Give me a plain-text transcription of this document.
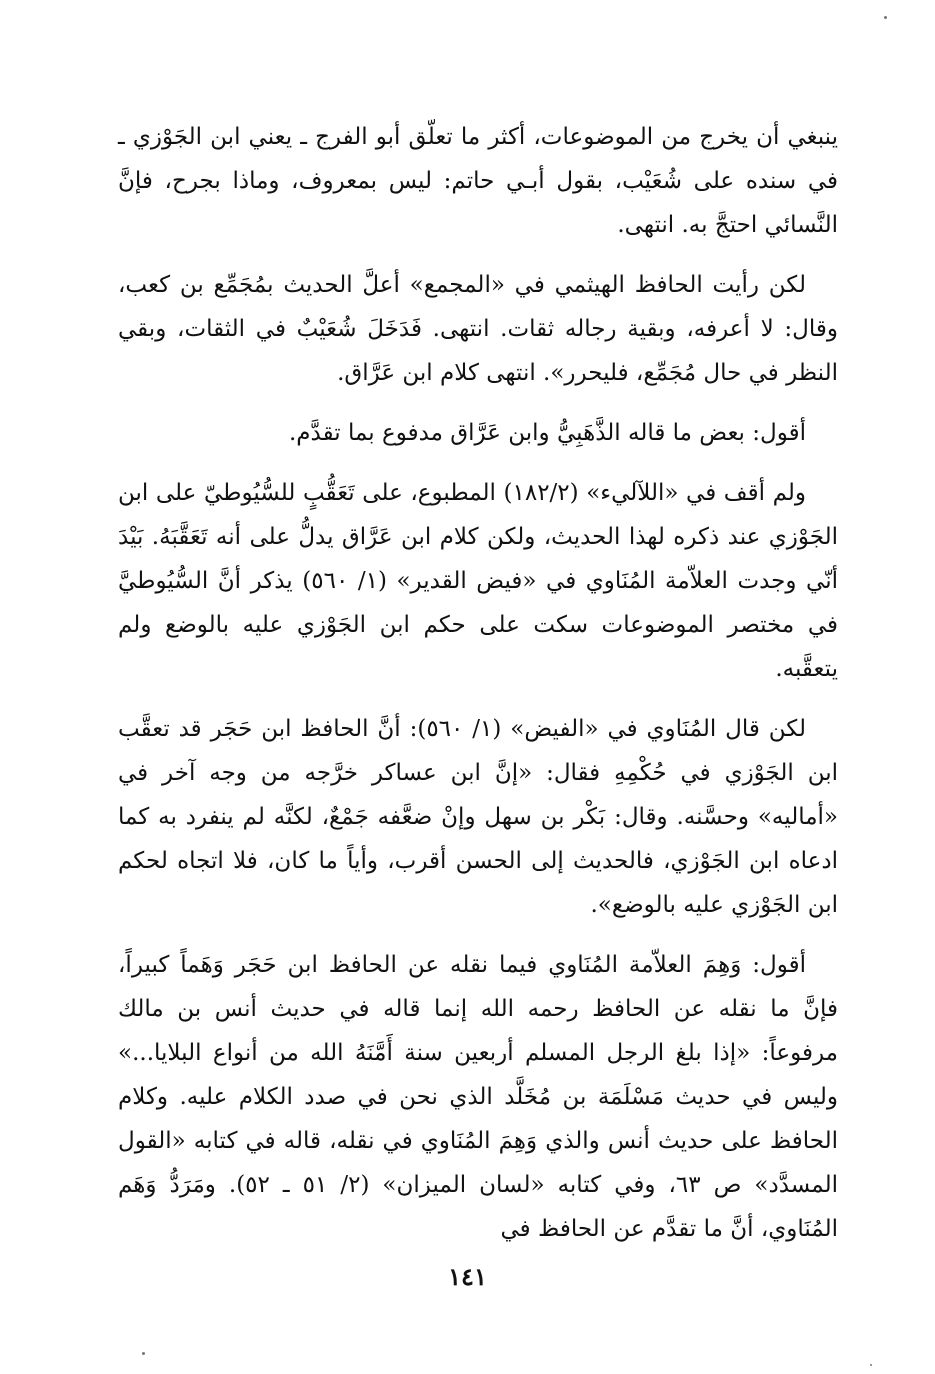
ينبغي أن يخرج من الموضوعات، أكثر ما تعلّق أبو الفرج ـ يعني ابن الجَوْزي ـ في سنده على شُعَيْب، بقول أبـي حاتم: ليس بمعروف، وماذا بجرح، فإنَّ النَّسائي احتجَّ به. انتهى.

لكن رأيت الحافظ الهيثمي في «المجمع» أعلَّ الحديث بمُجَمِّع بن كعب، وقال: لا أعرفه، وبقية رجاله ثقات. انتهى. فَدَخَلَ شُعَيْبٌ في الثقات، وبقي النظر في حال مُجَمِّع، فليحرر». انتهى كلام ابن عَرَّاق.

أقول: بعض ما قاله الذَّهَبِيُّ وابن عَرَّاق مدفوع بما تقدَّم.

ولم أقف في «اللآليء» (١٨٢/٢) المطبوع، على تَعَقُّبٍ للسُّيُوطيّ على ابن الجَوْزي عند ذكره لهذا الحديث، ولكن كلام ابن عَرَّاق يدلُّ على أنه تَعَقَّبَهُ. بَيْدَ أنّي وجدت العلاّمة المُنَاوي في «فيض القدير» (١/ ٥٦٠) يذكر أنَّ السُّيُوطيَّ في مختصر الموضوعات سكت على حكم ابن الجَوْزي عليه بالوضع ولم يتعقَّبه.

لكن قال المُنَاوي في «الفيض» (١/ ٥٦٠): أنَّ الحافظ ابن حَجَر قد تعقَّب ابن الجَوْزي في حُكْمِهِ فقال: «إنَّ ابن عساكر خرَّجه من وجه آخر في «أماليه» وحسَّنه. وقال: بَكْر بن سهل وإنْ ضعَّفه جَمْعٌ، لكنَّه لم ينفرد به كما ادعاه ابن الجَوْزي، فالحديث إلى الحسن أقرب، وأياً ما كان، فلا اتجاه لحكم ابن الجَوْزي عليه بالوضع».

أقول: وَهِمَ العلاّمة المُنَاوي فيما نقله عن الحافظ ابن حَجَر وَهَماً كبيراً، فإنَّ ما نقله عن الحافظ رحمه الله إنما قاله في حديث أنس بن مالك مرفوعاً: «إذا بلغ الرجل المسلم أربعين سنة أَمَّنَهُ الله من أنواع البلايا...» وليس في حديث مَسْلَمَة بن مُخَلَّد الذي نحن في صدد الكلام عليه. وكلام الحافظ على حديث أنس والذي وَهِمَ المُنَاوي في نقله، قاله في كتابه «القول المسدَّد» ص ٦٣، وفي كتابه «لسان الميزان» (٢/ ٥١ ـ ٥٢). ومَرَدُّ وَهَم المُنَاوي، أنَّ ما تقدَّم عن الحافظ في

١٤١
